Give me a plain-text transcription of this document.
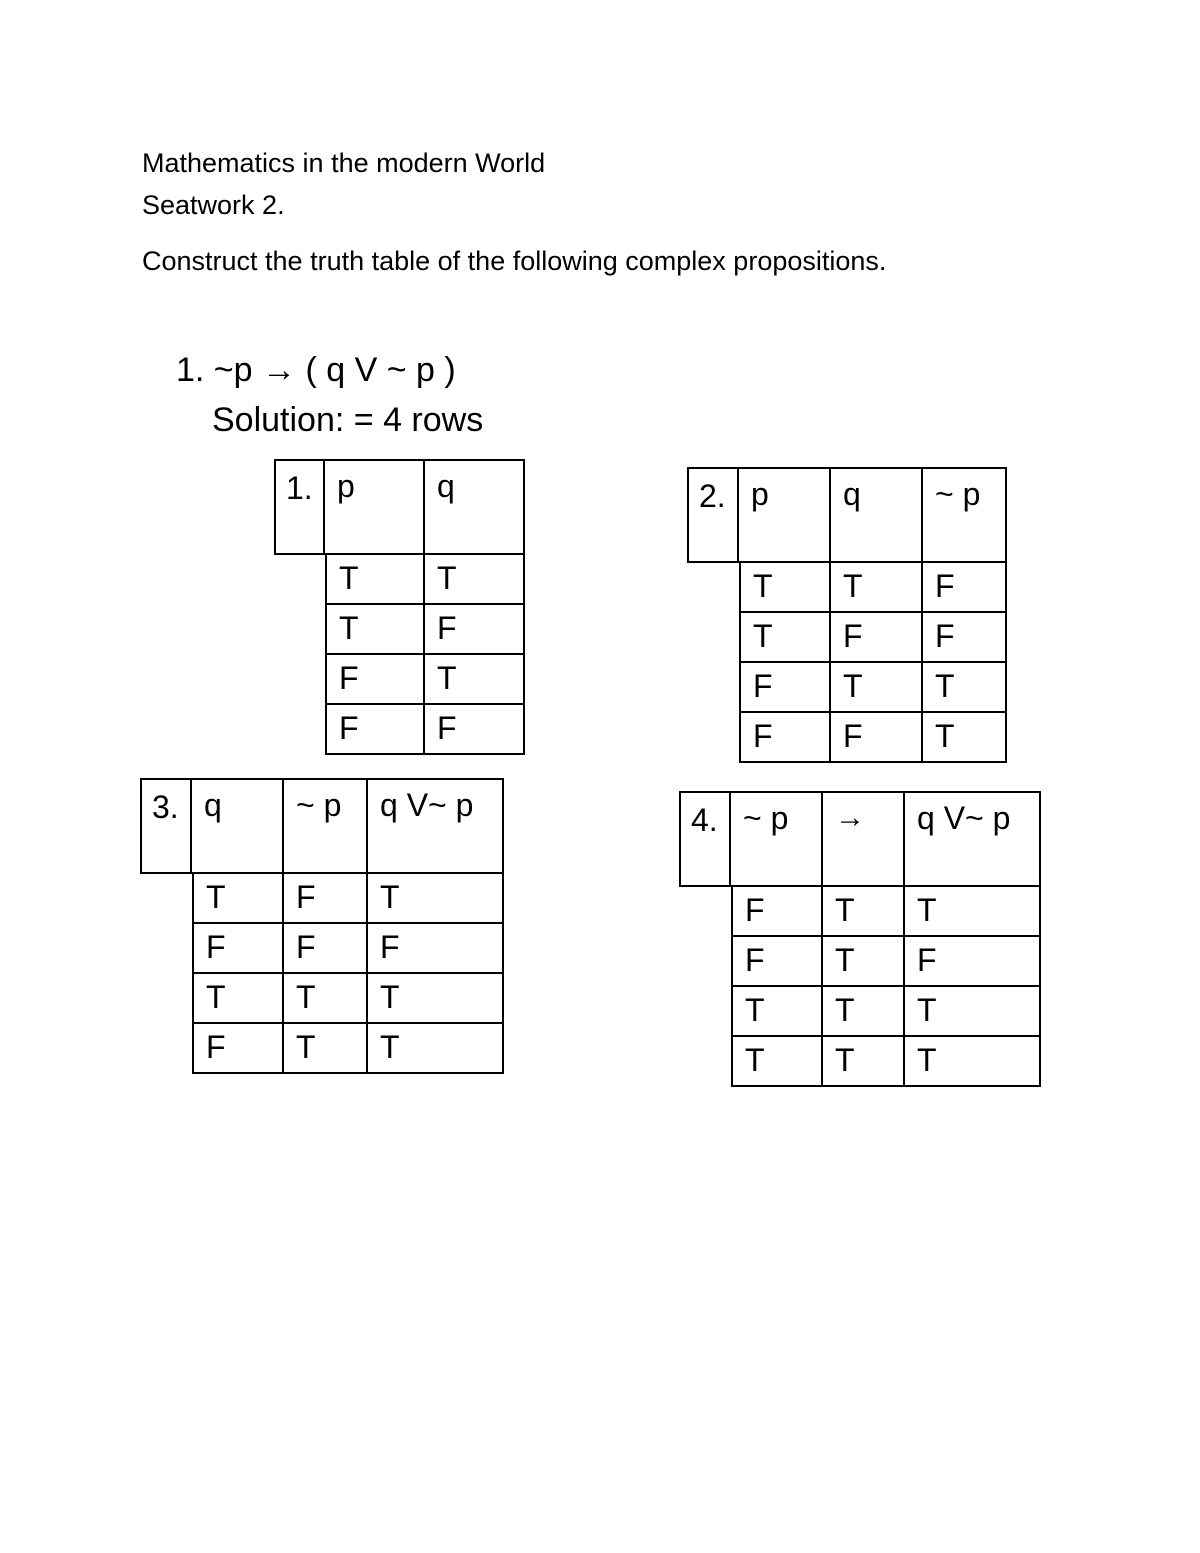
Mathematics in the modern World
Seatwork 2.
Construct the truth table of the following complex propositions.
1. ~p → ( q V ~ p )
Solution: = 4 rows
1. p	q
T	T
T	F
F	T
F	F
2. p	q	~ p
T	T	F
T	F	F
F	T	T
F	F	T
3. q	~ p	q V~ p
T	F	T
F	F	F
T	T	T
F	T	T
4. ~ p	→	q V~ p
F	T	T
F	T	F
T	T	T
T	T	T
